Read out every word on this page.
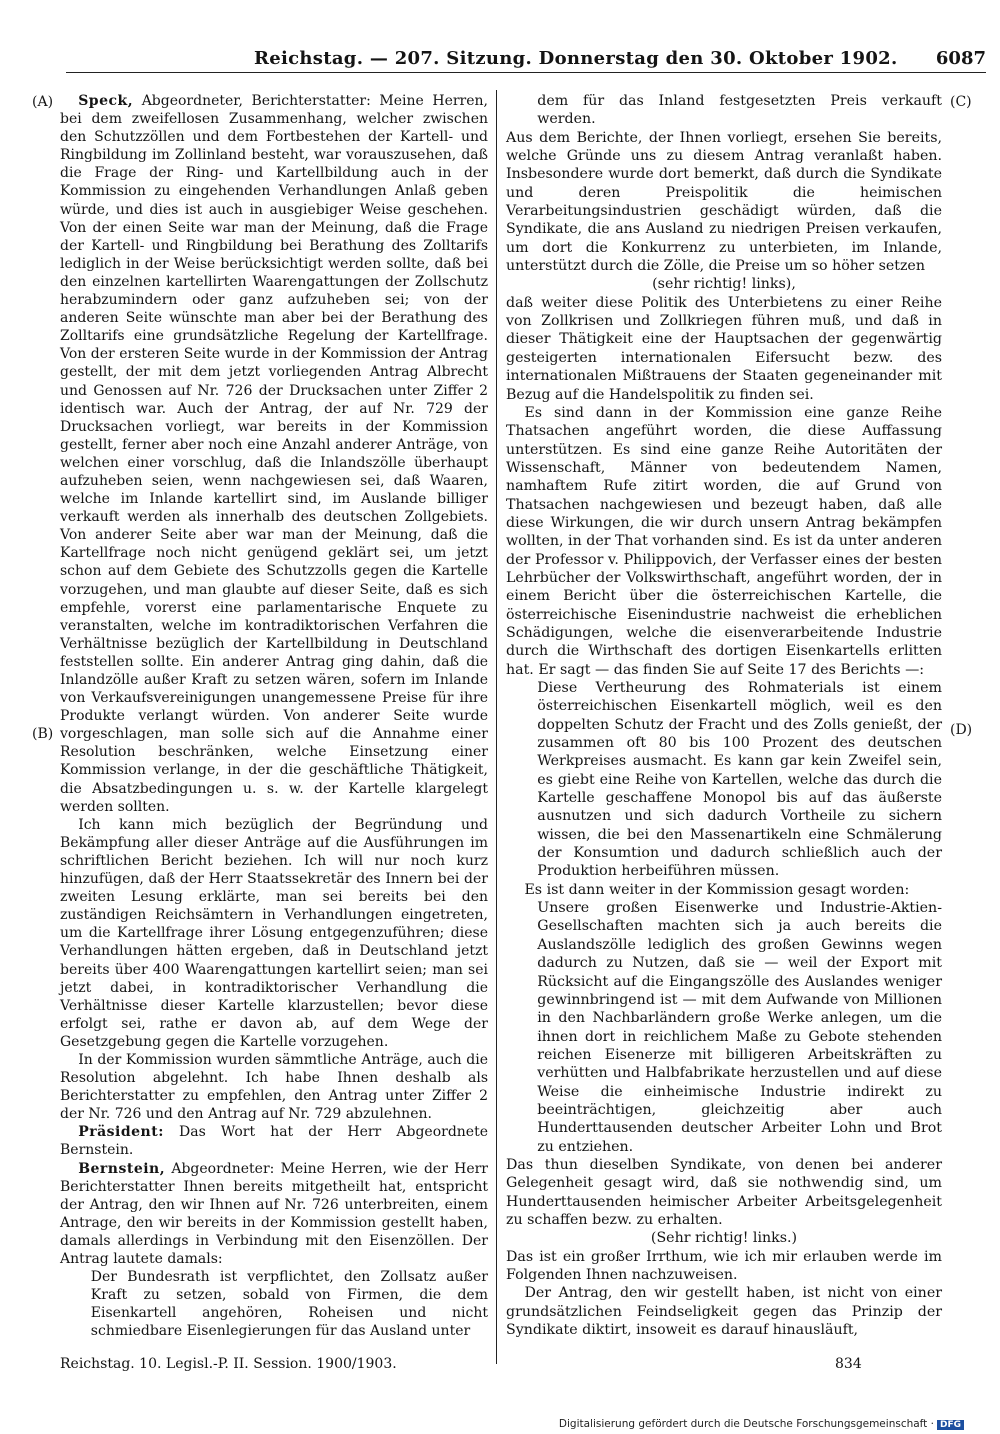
Reichstag. — 207. Sitzung. Donnerstag den 30. Oktober 1902. 6087
(A)
(B)
(C)
(D)

Speck, Abgeordneter, Berichterstatter: Meine Herren, bei dem zweifellosen Zusammenhang, welcher zwischen den Schutzzöllen und dem Fortbestehen der Kartell- und Ringbildung im Zollinland besteht, war vorauszusehen, daß die Frage der Ring- und Kartellbildung auch in der Kommission zu eingehenden Verhandlungen Anlaß geben würde, und dies ist auch in ausgiebiger Weise geschehen. Von der einen Seite war man der Meinung, daß die Frage der Kartell- und Ringbildung bei Berathung des Zolltarifs lediglich in der Weise berücksichtigt werden sollte, daß bei den einzelnen kartellirten Waarengattungen der Zollschutz herabzumindern oder ganz aufzuheben sei; von der anderen Seite wünschte man aber bei der Berathung des Zolltarifs eine grundsätzliche Regelung der Kartellfrage. Von der ersteren Seite wurde in der Kommission der Antrag gestellt, der mit dem jetzt vorliegenden Antrag Albrecht und Genossen auf Nr. 726 der Drucksachen unter Ziffer 2 identisch war. Auch der Antrag, der auf Nr. 729 der Drucksachen vorliegt, war bereits in der Kommission gestellt, ferner aber noch eine Anzahl anderer Anträge, von welchen einer vorschlug, daß die Inlandszölle überhaupt aufzuheben seien, wenn nachgewiesen sei, daß Waaren, welche im Inlande kartellirt sind, im Auslande billiger verkauft werden als innerhalb des deutschen Zollgebiets. Von anderer Seite aber war man der Meinung, daß die Kartellfrage noch nicht genügend geklärt sei, um jetzt schon auf dem Gebiete des Schutzzolls gegen die Kartelle vorzugehen, und man glaubte auf dieser Seite, daß es sich empfehle, vorerst eine parlamentarische Enquete zu veranstalten, welche im kontradiktorischen Verfahren die Verhältnisse bezüglich der Kartellbildung in Deutschland feststellen sollte. Ein anderer Antrag ging dahin, daß die Inlandzölle außer Kraft zu setzen wären, sofern im Inlande von Verkaufsvereinigungen unangemessene Preise für ihre Produkte verlangt würden. Von anderer Seite wurde vorgeschlagen, man solle sich auf die Annahme einer Resolution beschränken, welche Einsetzung einer Kommission verlange, in der die geschäftliche Thätigkeit, die Absatzbedingungen u. s. w. der Kartelle klargelegt werden sollten.

Ich kann mich bezüglich der Begründung und Bekämpfung aller dieser Anträge auf die Ausführungen im schriftlichen Bericht beziehen. Ich will nur noch kurz hinzufügen, daß der Herr Staatssekretär des Innern bei der zweiten Lesung erklärte, man sei bereits bei den zuständigen Reichsämtern in Verhandlungen eingetreten, um die Kartellfrage ihrer Lösung entgegenzuführen; diese Verhandlungen hätten ergeben, daß in Deutschland jetzt bereits über 400 Waarengattungen kartellirt seien; man sei jetzt dabei, in kontradiktorischer Verhandlung die Verhältnisse dieser Kartelle klarzustellen; bevor diese erfolgt sei, rathe er davon ab, auf dem Wege der Gesetzgebung gegen die Kartelle vorzugehen.

In der Kommission wurden sämmtliche Anträge, auch die Resolution abgelehnt. Ich habe Ihnen deshalb als Berichterstatter zu empfehlen, den Antrag unter Ziffer 2 der Nr. 726 und den Antrag auf Nr. 729 abzulehnen.

Präsident: Das Wort hat der Herr Abgeordnete Bernstein.

Bernstein, Abgeordneter: Meine Herren, wie der Herr Berichterstatter Ihnen bereits mitgetheilt hat, entspricht der Antrag, den wir Ihnen auf Nr. 726 unterbreiten, einem Antrage, den wir bereits in der Kommission gestellt haben, damals allerdings in Verbindung mit den Eisenzöllen. Der Antrag lautete damals:

Der Bundesrath ist verpflichtet, den Zollsatz außer Kraft zu setzen, sobald von Firmen, die dem Eisenkartell angehören, Roheisen und nicht schmiedbare Eisenlegierungen für das Ausland unter

dem für das Inland festgesetzten Preis verkauft werden.

Aus dem Berichte, der Ihnen vorliegt, ersehen Sie bereits, welche Gründe uns zu diesem Antrag veranlaßt haben. Insbesondere wurde dort bemerkt, daß durch die Syndikate und deren Preispolitik die heimischen Verarbeitungsindustrien geschädigt würden, daß die Syndikate, die ans Ausland zu niedrigen Preisen verkaufen, um dort die Konkurrenz zu unterbieten, im Inlande, unterstützt durch die Zölle, die Preise um so höher setzen

(sehr richtig! links),

daß weiter diese Politik des Unterbietens zu einer Reihe von Zollkrisen und Zollkriegen führen muß, und daß in dieser Thätigkeit eine der Hauptsachen der gegenwärtig gesteigerten internationalen Eifersucht bezw. des internationalen Mißtrauens der Staaten gegeneinander mit Bezug auf die Handelspolitik zu finden sei.

Es sind dann in der Kommission eine ganze Reihe Thatsachen angeführt worden, die diese Auffassung unterstützen. Es sind eine ganze Reihe Autoritäten der Wissenschaft, Männer von bedeutendem Namen, namhaftem Rufe zitirt worden, die auf Grund von Thatsachen nachgewiesen und bezeugt haben, daß alle diese Wirkungen, die wir durch unsern Antrag bekämpfen wollten, in der That vorhanden sind. Es ist da unter anderen der Professor v. Philippovich, der Verfasser eines der besten Lehrbücher der Volkswirthschaft, angeführt worden, der in einem Bericht über die österreichischen Kartelle, die österreichische Eisenindustrie nachweist die erheblichen Schädigungen, welche die eisenverarbeitende Industrie durch die Wirthschaft des dortigen Eisenkartells erlitten hat. Er sagt — das finden Sie auf Seite 17 des Berichts —:

Diese Vertheurung des Rohmaterials ist einem österreichischen Eisenkartell möglich, weil es den doppelten Schutz der Fracht und des Zolls genießt, der zusammen oft 80 bis 100 Prozent des deutschen Werkpreises ausmacht. Es kann gar kein Zweifel sein, es giebt eine Reihe von Kartellen, welche das durch die Kartelle geschaffene Monopol bis auf das äußerste ausnutzen und sich dadurch Vortheile zu sichern wissen, die bei den Massenartikeln eine Schmälerung der Konsumtion und dadurch schließlich auch der Produktion herbeiführen müssen.

Es ist dann weiter in der Kommission gesagt worden:

Unsere großen Eisenwerke und Industrie-Aktien-Gesellschaften machten sich ja auch bereits die Auslandszölle lediglich des großen Gewinns wegen dadurch zu Nutzen, daß sie — weil der Export mit Rücksicht auf die Eingangszölle des Auslandes weniger gewinnbringend ist — mit dem Aufwande von Millionen in den Nachbarländern große Werke anlegen, um die ihnen dort in reichlichem Maße zu Gebote stehenden reichen Eisenerze mit billigeren Arbeitskräften zu verhütten und Halbfabrikate herzustellen und auf diese Weise die einheimische Industrie indirekt zu beeinträchtigen, gleichzeitig aber auch Hunderttausenden deutscher Arbeiter Lohn und Brot zu entziehen.

Das thun dieselben Syndikate, von denen bei anderer Gelegenheit gesagt wird, daß sie nothwendig sind, um Hunderttausenden heimischer Arbeiter Arbeitsgelegenheit zu schaffen bezw. zu erhalten.

(Sehr richtig! links.)

Das ist ein großer Irrthum, wie ich mir erlauben werde im Folgenden Ihnen nachzuweisen.

Der Antrag, den wir gestellt haben, ist nicht von einer grundsätzlichen Feindseligkeit gegen das Prinzip der Syndikate diktirt, insoweit es darauf hinausläuft,

Reichstag. 10. Legisl.-P. II. Session. 1900/1903.	834
Digitalisierung gefördert durch die Deutsche Forschungsgemeinschaft · DFG
